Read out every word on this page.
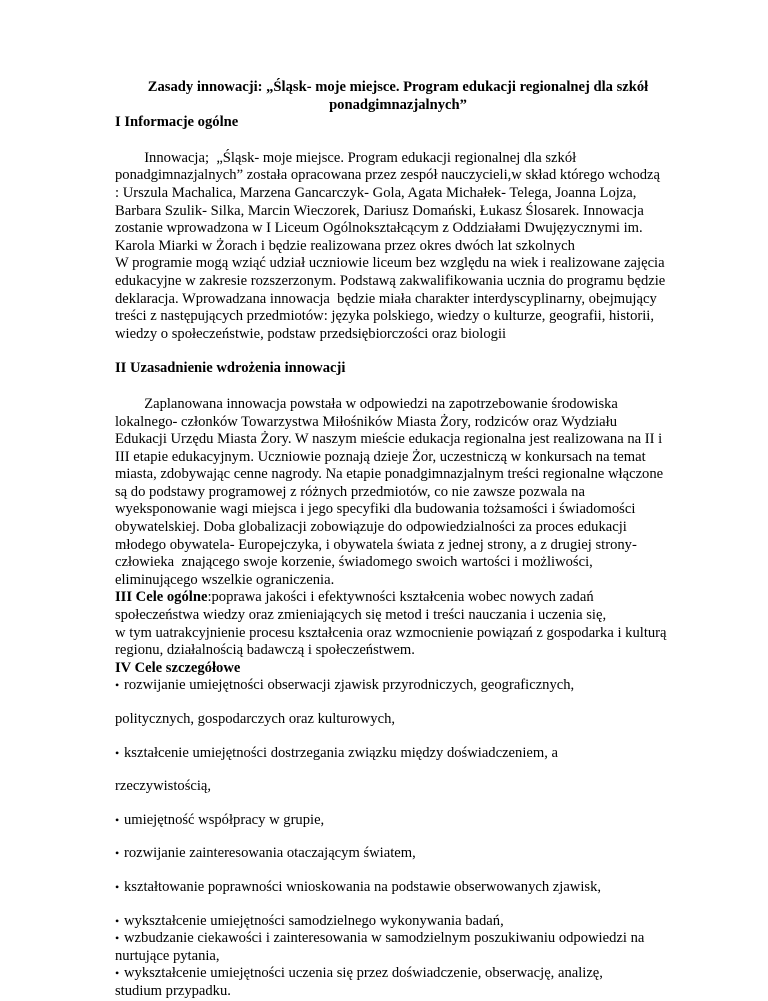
Zasady innowacji: „Śląsk- moje miejsce. Program edukacji regionalnej dla szkół
ponadgimnazjalnych”
I Informacje ogólne
Innowacja;  „Śląsk- moje miejsce. Program edukacji regionalnej dla szkół
ponadgimnazjalnych” została opracowana przez zespół nauczycieli,w skład którego wchodzą
: Urszula Machalica, Marzena Gancarczyk- Gola, Agata Michałek- Telega, Joanna Lojza,
Barbara Szulik- Silka, Marcin Wieczorek, Dariusz Domański, Łukasz Ślosarek. Innowacja
zostanie wprowadzona w I Liceum Ogólnokształcącym z Oddziałami Dwujęzycznymi im.
Karola Miarki w Żorach i będzie realizowana przez okres dwóch lat szkolnych
W programie mogą wziąć udział uczniowie liceum bez względu na wiek i realizowane zajęcia
edukacyjne w zakresie rozszerzonym. Podstawą zakwalifikowania ucznia do programu będzie
deklaracja. Wprowadzana innowacja  będzie miała charakter interdyscyplinarny, obejmujący
treści z następujących przedmiotów: języka polskiego, wiedzy o kulturze, geografii, historii,
wiedzy o społeczeństwie, podstaw przedsiębiorczości oraz biologii
II Uzasadnienie wdrożenia innowacji
Zaplanowana innowacja powstała w odpowiedzi na zapotrzebowanie środowiska
lokalnego- członków Towarzystwa Miłośników Miasta Żory, rodziców oraz Wydziału
Edukacji Urzędu Miasta Żory. W naszym mieście edukacja regionalna jest realizowana na II i
III etapie edukacyjnym. Uczniowie poznają dzieje Żor, uczestniczą w konkursach na temat
miasta, zdobywając cenne nagrody. Na etapie ponadgimnazjalnym treści regionalne włączone
są do podstawy programowej z różnych przedmiotów, co nie zawsze pozwala na
wyeksponowanie wagi miejsca i jego specyfiki dla budowania tożsamości i świadomości
obywatelskiej. Doba globalizacji zobowiązuje do odpowiedzialności za proces edukacji
młodego obywatela- Europejczyka, i obywatela świata z jednej strony, a z drugiej strony-
człowieka  znającego swoje korzenie, świadomego swoich wartości i możliwości,
eliminującego wszelkie ograniczenia.
III Cele ogólne:poprawa jakości i efektywności kształcenia wobec nowych zadań
społeczeństwa wiedzy oraz zmieniających się metod i treści nauczania i uczenia się,
w tym uatrakcyjnienie procesu kształcenia oraz wzmocnienie powiązań z gospodarka i kulturą
regionu, działalnością badawczą i społeczeństwem.
IV Cele szczegółowe
• rozwijanie umiejętności obserwacji zjawisk przyrodniczych, geograficznych,
politycznych, gospodarczych oraz kulturowych,
• kształcenie umiejętności dostrzegania związku między doświadczeniem, a
rzeczywistością,
• umiejętność współpracy w grupie,
• rozwijanie zainteresowania otaczającym światem,
• kształtowanie poprawności wnioskowania na podstawie obserwowanych zjawisk,
• wykształcenie umiejętności samodzielnego wykonywania badań,
• wzbudzanie ciekawości i zainteresowania w samodzielnym poszukiwaniu odpowiedzi na
nurtujące pytania,
• wykształcenie umiejętności uczenia się przez doświadczenie, obserwację, analizę,
studium przypadku.
